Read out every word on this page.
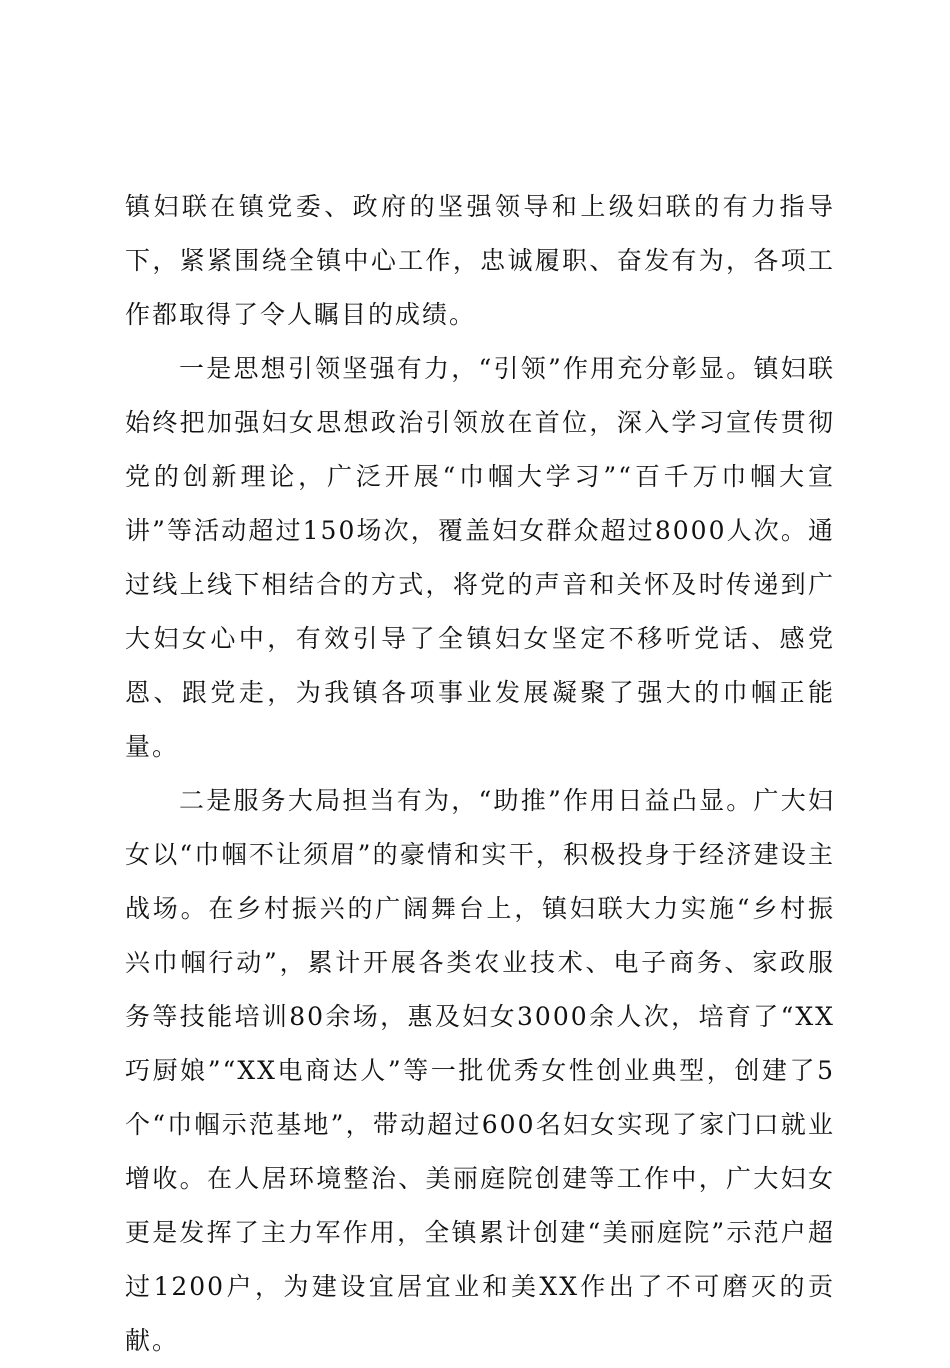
镇妇联在镇党委、政府的坚强领导和上级妇联的有力指导下，紧紧围绕全镇中心工作，忠诚履职、奋发有为，各项工作都取得了令人瞩目的成绩。

一是思想引领坚强有力，“引领”作用充分彰显。镇妇联始终把加强妇女思想政治引领放在首位，深入学习宣传贯彻党的创新理论，广泛开展“巾帼大学习”“百千万巾帼大宣讲”等活动超过150场次，覆盖妇女群众超过8000人次。通过线上线下相结合的方式，将党的声音和关怀及时传递到广大妇女心中，有效引导了全镇妇女坚定不移听党话、感党恩、跟党走，为我镇各项事业发展凝聚了强大的巾帼正能量。

二是服务大局担当有为，“助推”作用日益凸显。广大妇女以“巾帼不让须眉”的豪情和实干，积极投身于经济建设主战场。在乡村振兴的广阔舞台上，镇妇联大力实施“乡村振兴巾帼行动”，累计开展各类农业技术、电子商务、家政服务等技能培训80余场，惠及妇女3000余人次，培育了“XX巧厨娘”“XX电商达人”等一批优秀女性创业典型，创建了5个“巾帼示范基地”，带动超过600名妇女实现了家门口就业增收。在人居环境整治、美丽庭院创建等工作中，广大妇女更是发挥了主力军作用，全镇累计创建“美丽庭院”示范户超过1200户，为建设宜居宜业和美XX作出了不可磨灭的贡献。
